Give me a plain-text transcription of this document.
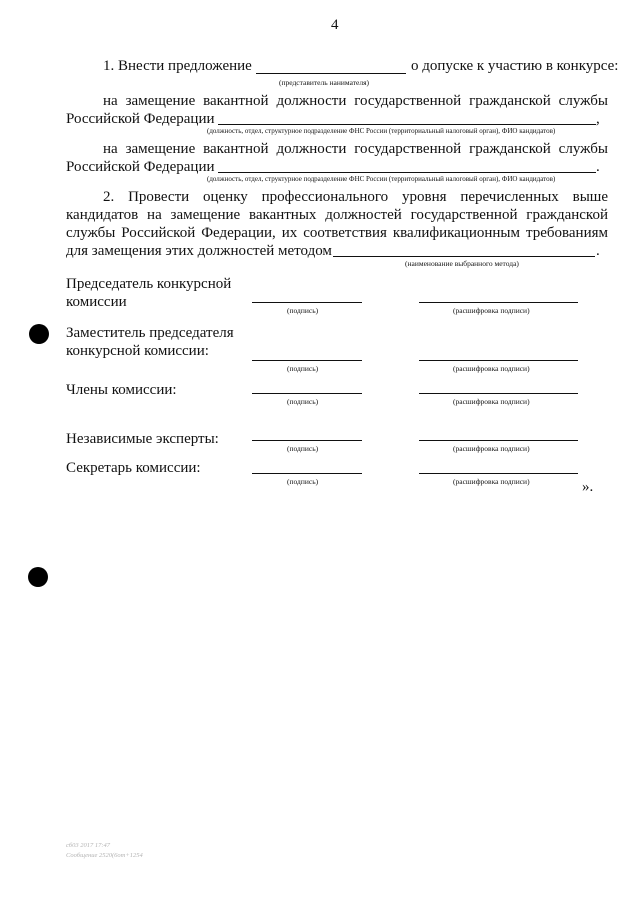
4
1. Внести предложение	о допуске к участию в конкурсе:
(представитель нанимателя)
на замещение вакантной должности государственной гражданской службы
Российской Федерации	,
(должность, отдел, структурное подразделение ФНС России (территориальный налоговый орган), ФИО кандидатов)
на замещение вакантной должности государственной гражданской службы
Российской Федерации	.
(должность, отдел, структурное подразделение ФНС России (территориальный налоговый орган), ФИО кандидатов)
2. Провести оценку профессионального уровня перечисленных выше
кандидатов на замещение вакантных должностей государственной гражданской
службы Российской Федерации, их соответствия квалификационным требованиям
для замещения этих должностей методом	.
(наименование выбранного метода)
Председатель конкурсной
комиссии
(подпись)	(расшифровка подписи)
Заместитель председателя
конкурсной комиссии:
(подпись)	(расшифровка подписи)
Члены комиссии:
(подпись)	(расшифровка подписи)
Независимые эксперты:
(подпись)	(расшифровка подписи)
Секретарь комиссии:
(подпись)	(расшифровка подписи)	».
сб03 2017 17:47
Сообщение 2520(6от+1254
